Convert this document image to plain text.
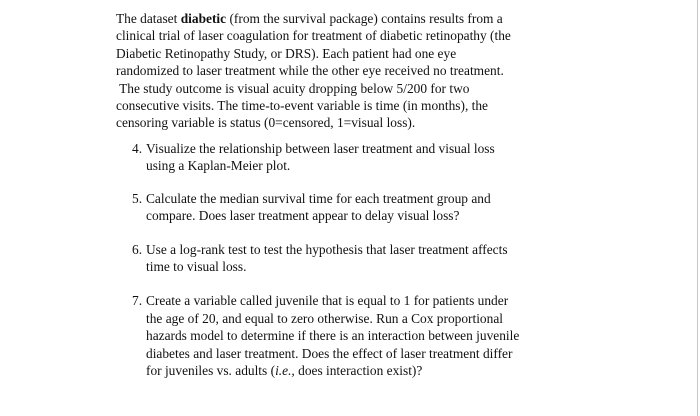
The dataset diabetic (from the survival package) contains results from a
clinical trial of laser coagulation for treatment of diabetic retinopathy (the
Diabetic Retinopathy Study, or DRS). Each patient had one eye
randomized to laser treatment while the other eye received no treatment.
The study outcome is visual acuity dropping below 5/200 for two
consecutive visits. The time-to-event variable is time (in months), the
censoring variable is status (0=censored, 1=visual loss).

4. Visualize the relationship between laser treatment and visual loss
using a Kaplan-Meier plot.
5. Calculate the median survival time for each treatment group and
compare. Does laser treatment appear to delay visual loss?
6. Use a log-rank test to test the hypothesis that laser treatment affects
time to visual loss.
7. Create a variable called juvenile that is equal to 1 for patients under
the age of 20, and equal to zero otherwise. Run a Cox proportional
hazards model to determine if there is an interaction between juvenile
diabetes and laser treatment. Does the effect of laser treatment differ
for juveniles vs. adults (i.e., does interaction exist)?
